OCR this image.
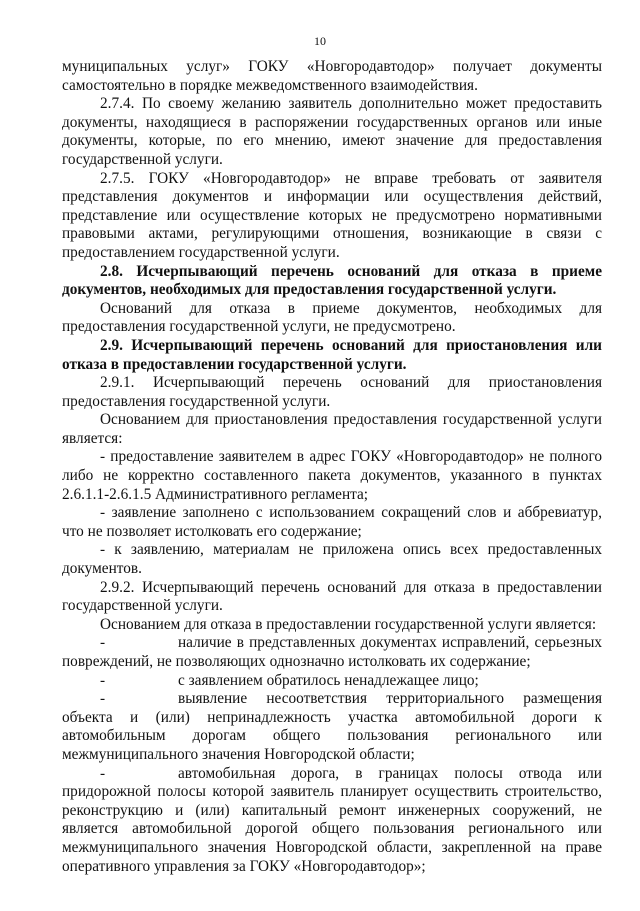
10

муниципальных услуг» ГОКУ «Новгородавтодор» получает документы самостоятельно в порядке межведомственного взаимодействия.

2.7.4. По своему желанию заявитель дополнительно может предоставить документы, находящиеся в распоряжении государственных органов или иные документы, которые, по его мнению, имеют значение для предоставления государственной услуги.

2.7.5. ГОКУ «Новгородавтодор» не вправе требовать от заявителя представления документов и информации или осуществления действий, представление или осуществление которых не предусмотрено нормативными правовыми актами, регулирующими отношения, возникающие в связи с предоставлением государственной услуги.

2.8. Исчерпывающий перечень оснований для отказа в приеме документов, необходимых для предоставления государственной услуги.

Оснований для отказа в приеме документов, необходимых для предоставления государственной услуги, не предусмотрено.

2.9. Исчерпывающий перечень оснований для приостановления или отказа в предоставлении государственной услуги.

2.9.1. Исчерпывающий перечень оснований для приостановления предоставления государственной услуги.

Основанием для приостановления предоставления государственной услуги является:

- предоставление заявителем в адрес ГОКУ «Новгородавтодор» не полного либо не корректно составленного пакета документов, указанного в пунктах 2.6.1.1-2.6.1.5 Административного регламента;

- заявление заполнено с использованием сокращений слов и аббревиатур, что не позволяет истолковать его содержание;

- к заявлению, материалам не приложена опись всех предоставленных документов.

2.9.2. Исчерпывающий перечень оснований для отказа в предоставлении государственной услуги.

Основанием для отказа в предоставлении государственной услуги является:

-	наличие в представленных документах исправлений, серьезных повреждений, не позволяющих однозначно истолковать их содержание;

-	с заявлением обратилось ненадлежащее лицо;

-	выявление несоответствия территориального размещения объекта и (или) непринадлежность участка автомобильной дороги к автомобильным дорогам общего пользования регионального или межмуниципального значения Новгородской области;

-	автомобильная дорога, в границах полосы отвода или придорожной полосы которой заявитель планирует осуществить строительство, реконструкцию и (или) капитальный ремонт инженерных сооружений, не является автомобильной дорогой общего пользования регионального или межмуниципального значения Новгородской области, закрепленной на праве оперативного управления за ГОКУ «Новгородавтодор»;
